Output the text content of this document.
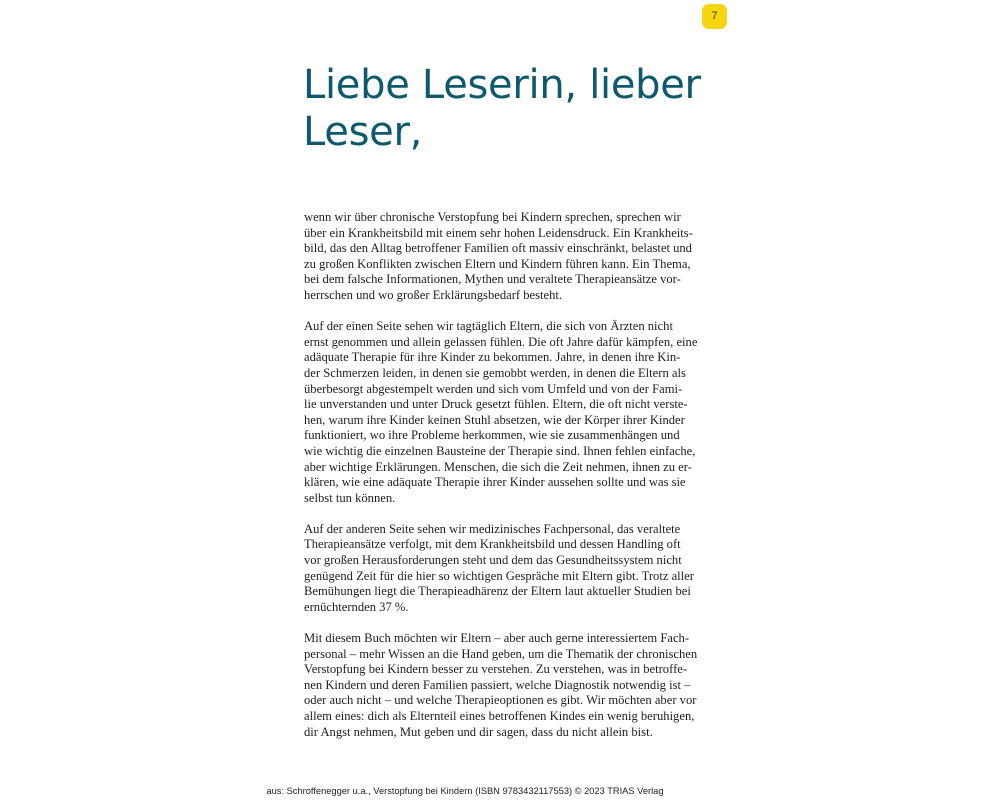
7
Liebe Leserin, lieber
Leser,

wenn wir über chronische Verstopfung bei Kindern sprechen, sprechen wir
über ein Krankheitsbild mit einem sehr hohen Leidensdruck. Ein Krankheits-
bild, das den Alltag betroffener Familien oft massiv einschränkt, belastet und
zu großen Konflikten zwischen Eltern und Kindern führen kann. Ein Thema,
bei dem falsche Informationen, Mythen und veraltete Therapieansätze vor-
herrschen und wo großer Erklärungsbedarf besteht.

Auf der einen Seite sehen wir tagtäglich Eltern, die sich von Ärzten nicht
ernst genommen und allein gelassen fühlen. Die oft Jahre dafür kämpfen, eine
adäquate Therapie für ihre Kinder zu bekommen. Jahre, in denen ihre Kin-
der Schmerzen leiden, in denen sie gemobbt werden, in denen die Eltern als
überbesorgt abgestempelt werden und sich vom Umfeld und von der Fami-
lie unverstanden und unter Druck gesetzt fühlen. Eltern, die oft nicht verste-
hen, warum ihre Kinder keinen Stuhl absetzen, wie der Körper ihrer Kinder
funktioniert, wo ihre Probleme herkommen, wie sie zusammenhängen und
wie wichtig die einzelnen Bausteine der Therapie sind. Ihnen fehlen einfache,
aber wichtige Erklärungen. Menschen, die sich die Zeit nehmen, ihnen zu er-
klären, wie eine adäquate Therapie ihrer Kinder aussehen sollte und was sie
selbst tun können.

Auf der anderen Seite sehen wir medizinisches Fachpersonal, das veraltete
Therapieansätze verfolgt, mit dem Krankheitsbild und dessen Handling oft
vor großen Herausforderungen steht und dem das Gesundheitssystem nicht
genügend Zeit für die hier so wichtigen Gespräche mit Eltern gibt. Trotz aller
Bemühungen liegt die Therapieadhärenz der Eltern laut aktueller Studien bei
ernüchternden 37 %.

Mit diesem Buch möchten wir Eltern – aber auch gerne interessiertem Fach-
personal – mehr Wissen an die Hand geben, um die Thematik der chronischen
Verstopfung bei Kindern besser zu verstehen. Zu verstehen, was in betroffe-
nen Kindern und deren Familien passiert, welche Diagnostik notwendig ist –
oder auch nicht – und welche Therapieoptionen es gibt. Wir möchten aber vor
allem eines: dich als Elternteil eines betroffenen Kindes ein wenig beruhigen,
dir Angst nehmen, Mut geben und dir sagen, dass du nicht allein bist.

aus: Schroffenegger u.a., Verstopfung bei Kindern (ISBN 9783432117553) © 2023 TRIAS Verlag
